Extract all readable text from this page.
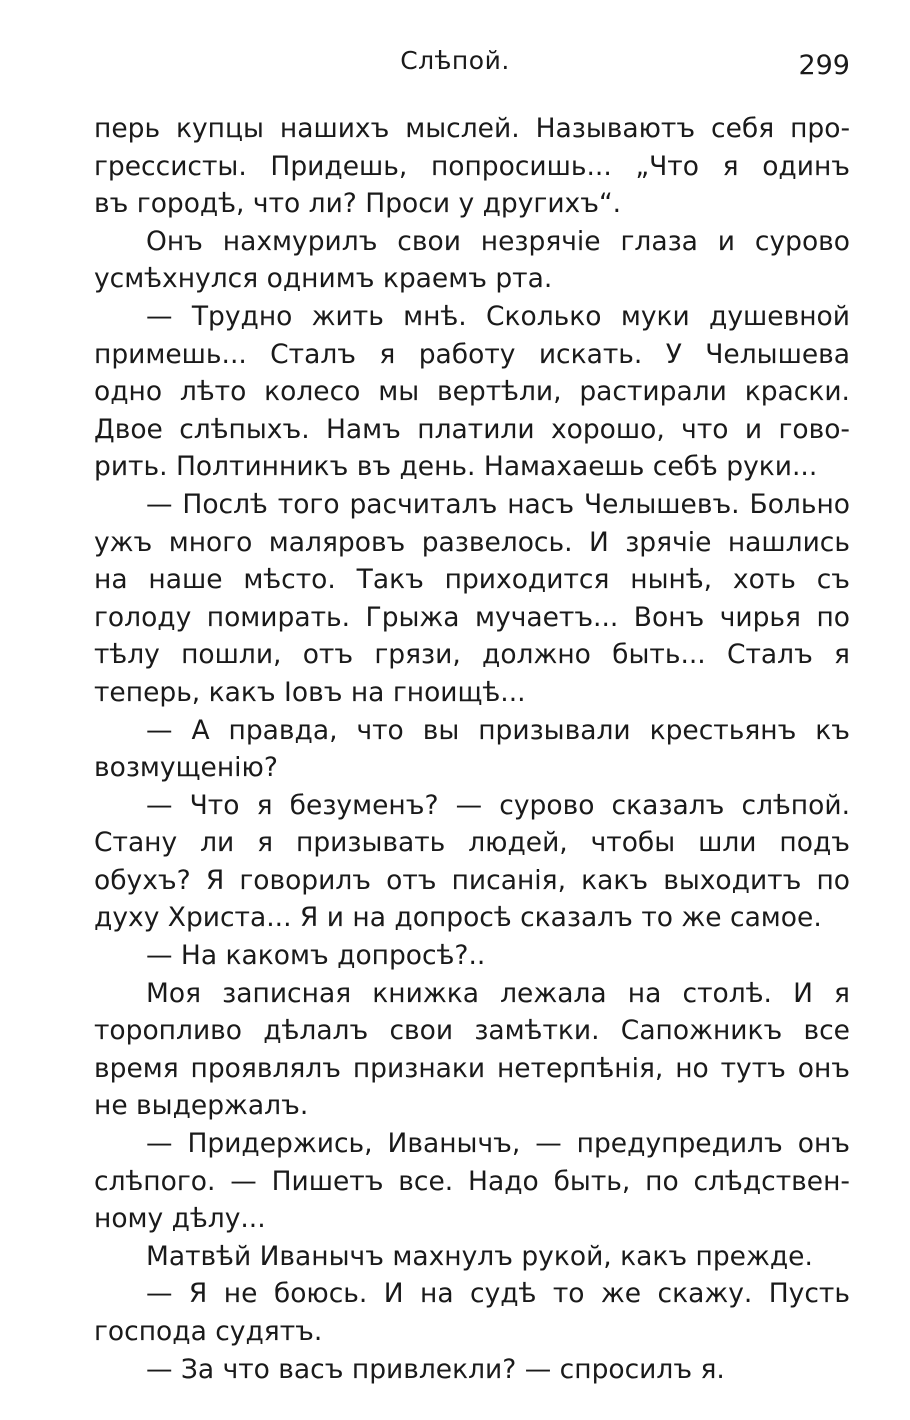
Слѣпой.	299
перь купцы нашихъ мыслей. Называютъ себя про-
грессисты. Придешь, попросишь... „Что я одинъ
въ городѣ, что ли? Проси у другихъ“.
Онъ нахмурилъ свои незрячіе глаза и сурово
усмѣхнулся однимъ краемъ рта.
— Трудно жить мнѣ. Сколько муки душевной
примешь... Сталъ я работу искать. У Челышева
одно лѣто колесо мы вертѣли, растирали краски.
Двое слѣпыхъ. Намъ платили хорошо, что и гово-
рить. Полтинникъ въ день. Намахаешь себѣ руки...
— Послѣ того расчиталъ насъ Челышевъ. Больно
ужъ много маляровъ развелось. И зрячіе нашлись
на наше мѣсто. Такъ приходится нынѣ, хоть съ
голоду помирать. Грыжа мучаетъ... Вонъ чирья по
тѣлу пошли, отъ грязи, должно быть... Сталъ я
теперь, какъ Іовъ на гноищѣ...
— А правда, что вы призывали крестьянъ къ
возмущенію?
— Что я безуменъ? — сурово сказалъ слѣпой.
Стану ли я призывать людей, чтобы шли подъ
обухъ? Я говорилъ отъ писанія, какъ выходитъ по
духу Христа... Я и на допросѣ сказалъ то же самое.
— На какомъ допросѣ?..
Моя записная книжка лежала на столѣ. И я
торопливо дѣлалъ свои замѣтки. Сапожникъ все
время проявлялъ признаки нетерпѣнія, но тутъ онъ
не выдержалъ.
— Придержись, Иванычъ, — предупредилъ онъ
слѣпого. — Пишетъ все. Надо быть, по слѣдствен-
ному дѣлу...
Матвѣй Иванычъ махнулъ рукой, какъ прежде.
— Я не боюсь. И на судѣ то же скажу. Пусть
господа судятъ.
— За что васъ привлекли? — спросилъ я.
